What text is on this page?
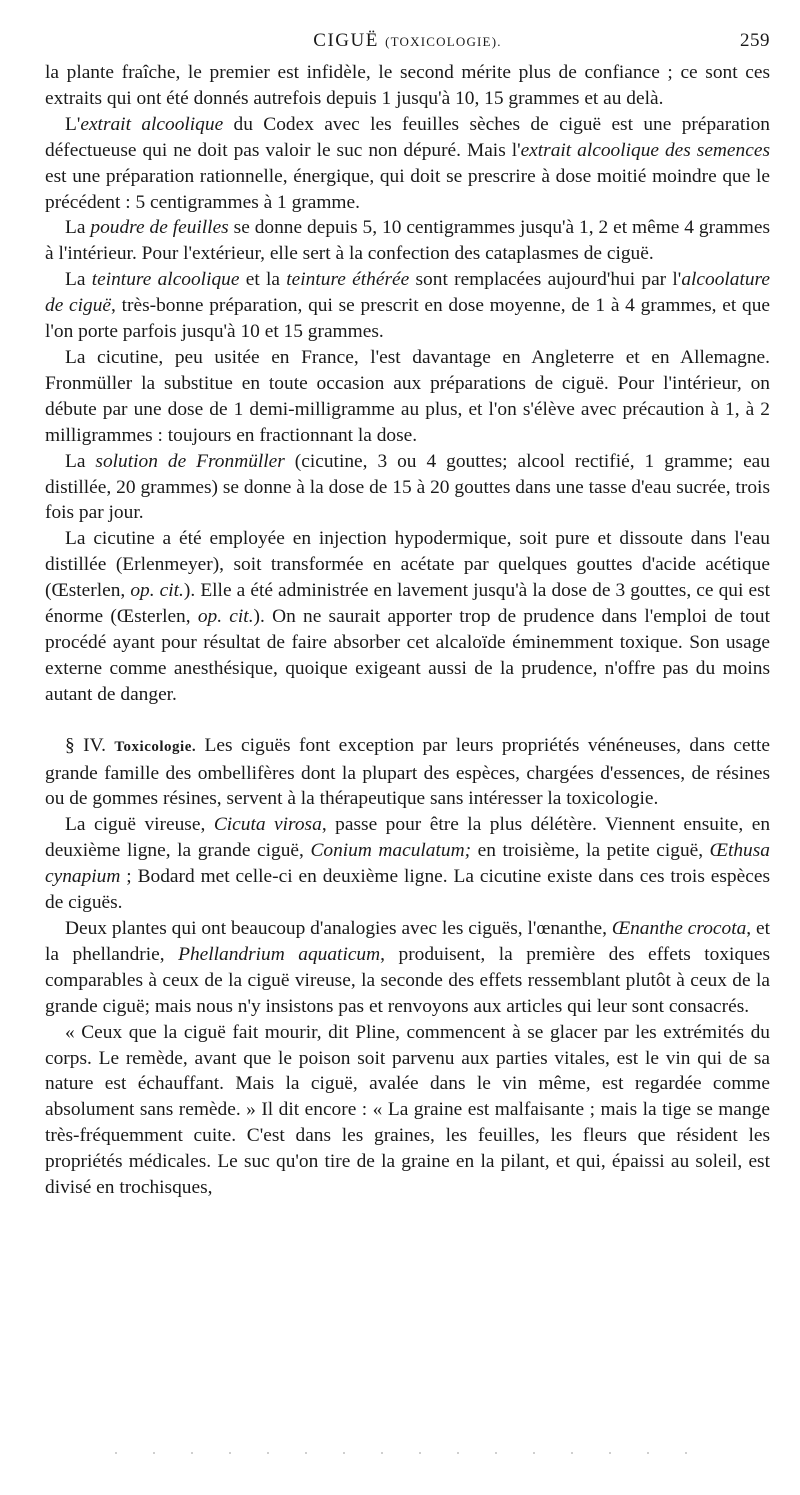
CIGUË (TOXICOLOGIE).	259

la plante fraîche, le premier est infidèle, le second mérite plus de confiance ; ce sont ces extraits qui ont été donnés autrefois depuis 1 jusqu'à 10, 15 grammes et au delà.

L'extrait alcoolique du Codex avec les feuilles sèches de ciguë est une préparation défectueuse qui ne doit pas valoir le suc non dépuré. Mais l'extrait alcoolique des semences est une préparation rationnelle, énergique, qui doit se prescrire à dose moitié moindre que le précédent : 5 centigrammes à 1 gramme.

La poudre de feuilles se donne depuis 5, 10 centigrammes jusqu'à 1, 2 et même 4 grammes à l'intérieur. Pour l'extérieur, elle sert à la confection des cataplasmes de ciguë.

La teinture alcoolique et la teinture éthérée sont remplacées aujourd'hui par l'alcoolature de ciguë, très-bonne préparation, qui se prescrit en dose moyenne, de 1 à 4 grammes, et que l'on porte parfois jusqu'à 10 et 15 grammes.

La cicutine, peu usitée en France, l'est davantage en Angleterre et en Allemagne. Fronmüller la substitue en toute occasion aux préparations de ciguë. Pour l'intérieur, on débute par une dose de 1 demi-milligramme au plus, et l'on s'élève avec précaution à 1, à 2 milligrammes : toujours en fractionnant la dose.

La solution de Fronmüller (cicutine, 3 ou 4 gouttes; alcool rectifié, 1 gramme; eau distillée, 20 grammes) se donne à la dose de 15 à 20 gouttes dans une tasse d'eau sucrée, trois fois par jour.

La cicutine a été employée en injection hypodermique, soit pure et dissoute dans l'eau distillée (Erlenmeyer), soit transformée en acétate par quelques gouttes d'acide acétique (Œsterlen, op. cit.). Elle a été administrée en lavement jusqu'à la dose de 3 gouttes, ce qui est énorme (Œsterlen, op. cit.). On ne saurait apporter trop de prudence dans l'emploi de tout procédé ayant pour résultat de faire absorber cet alcaloïde éminemment toxique. Son usage externe comme anesthésique, quoique exigeant aussi de la prudence, n'offre pas du moins autant de danger.

§ IV. Toxicologie. Les ciguës font exception par leurs propriétés vénéneuses, dans cette grande famille des ombellifères dont la plupart des espèces, chargées d'essences, de résines ou de gommes résines, servent à la thérapeutique sans intéresser la toxicologie.

La ciguë vireuse, Cicuta virosa, passe pour être la plus délétère. Viennent ensuite, en deuxième ligne, la grande ciguë, Conium maculatum; en troisième, la petite ciguë, Œthusa cynapium ; Bodard met celle-ci en deuxième ligne. La cicutine existe dans ces trois espèces de ciguës.

Deux plantes qui ont beaucoup d'analogies avec les ciguës, l'œnanthe, Œnanthe crocota, et la phellandrie, Phellandrium aquaticum, produisent, la première des effets toxiques comparables à ceux de la ciguë vireuse, la seconde des effets ressemblant plutôt à ceux de la grande ciguë; mais nous n'y insistons pas et renvoyons aux articles qui leur sont consacrés.

« Ceux que la ciguë fait mourir, dit Pline, commencent à se glacer par les extrémités du corps. Le remède, avant que le poison soit parvenu aux parties vitales, est le vin qui de sa nature est échauffant. Mais la ciguë, avalée dans le vin même, est regardée comme absolument sans remède. » Il dit encore : « La graine est malfaisante ; mais la tige se mange très-fréquemment cuite. C'est dans les graines, les feuilles, les fleurs que résident les propriétés médicales. Le suc qu'on tire de la graine en la pilant, et qui, épaissi au soleil, est divisé en trochisques,
